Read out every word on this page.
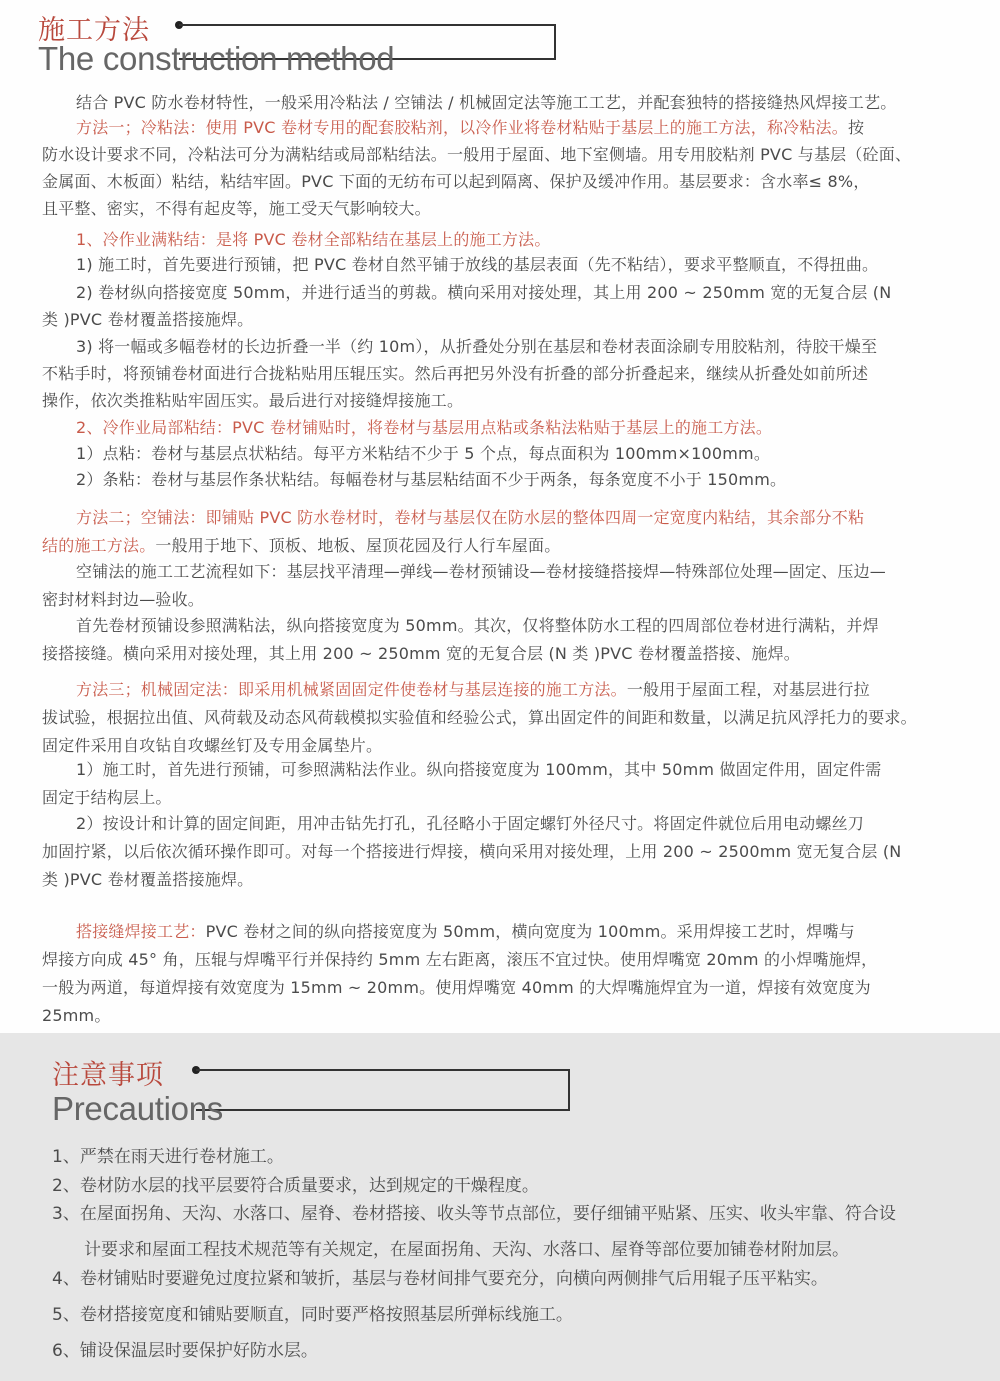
施工方法
The construction method
结合 PVC 防水卷材特性，一般采用冷粘法 / 空铺法 / 机械固定法等施工工艺，并配套独特的搭接缝热风焊接工艺。
方法一；冷粘法：使用 PVC 卷材专用的配套胶粘剂，以冷作业将卷材粘贴于基层上的施工方法，称冷粘法。按
防水设计要求不同，冷粘法可分为满粘结或局部粘结法。一般用于屋面、地下室侧墙。用专用胶粘剂 PVC 与基层（砼面、
金属面、木板面）粘结，粘结牢固。PVC 下面的无纺布可以起到隔离、保护及缓冲作用。基层要求：含水率≤ 8%，
且平整、密实，不得有起皮等，施工受天气影响较大。
1、冷作业满粘结：是将 PVC 卷材全部粘结在基层上的施工方法。
1) 施工时，首先要进行预铺，把 PVC 卷材自然平铺于放线的基层表面（先不粘结），要求平整顺直，不得扭曲。
2) 卷材纵向搭接宽度 50mm，并进行适当的剪裁。横向采用对接处理，其上用 200 ~ 250mm 宽的无复合层 (N
类 )PVC 卷材覆盖搭接施焊。
3) 将一幅或多幅卷材的长边折叠一半（约 10m），从折叠处分别在基层和卷材表面涂刷专用胶粘剂，待胶干燥至
不粘手时，将预铺卷材面进行合拢粘贴用压辊压实。然后再把另外没有折叠的部分折叠起来，继续从折叠处如前所述
操作，依次类推粘贴牢固压实。最后进行对接缝焊接施工。
2、冷作业局部粘结：PVC 卷材铺贴时，将卷材与基层用点粘或条粘法粘贴于基层上的施工方法。
1）点粘：卷材与基层点状粘结。每平方米粘结不少于 5 个点，每点面积为 100mm×100mm。
2）条粘：卷材与基层作条状粘结。每幅卷材与基层粘结面不少于两条，每条宽度不小于 150mm。
方法二；空铺法：即铺贴 PVC 防水卷材时，卷材与基层仅在防水层的整体四周一定宽度内粘结，其余部分不粘
结的施工方法。一般用于地下、顶板、地板、屋顶花园及行人行车屋面。
空铺法的施工工艺流程如下：基层找平清理—弹线—卷材预铺设—卷材接缝搭接焊—特殊部位处理—固定、压边—
密封材料封边—验收。
首先卷材预铺设参照满粘法，纵向搭接宽度为 50mm。其次，仅将整体防水工程的四周部位卷材进行满粘，并焊
接搭接缝。横向采用对接处理，其上用 200 ~ 250mm 宽的无复合层 (N 类 )PVC 卷材覆盖搭接、施焊。
方法三；机械固定法：即采用机械紧固固定件使卷材与基层连接的施工方法。一般用于屋面工程，对基层进行拉
拔试验，根据拉出值、风荷载及动态风荷载模拟实验值和经验公式，算出固定件的间距和数量，以满足抗风浮托力的要求。
固定件采用自攻钻自攻螺丝钉及专用金属垫片。
1）施工时，首先进行预铺，可参照满粘法作业。纵向搭接宽度为 100mm，其中 50mm 做固定件用，固定件需
固定于结构层上。
2）按设计和计算的固定间距，用冲击钻先打孔，孔径略小于固定螺钉外径尺寸。将固定件就位后用电动螺丝刀
加固拧紧，以后依次循环操作即可。对每一个搭接进行焊接，横向采用对接处理，上用 200 ~ 2500mm 宽无复合层 (N
类 )PVC 卷材覆盖搭接施焊。
搭接缝焊接工艺：PVC 卷材之间的纵向搭接宽度为 50mm，横向宽度为 100mm。采用焊接工艺时，焊嘴与
焊接方向成 45° 角，压辊与焊嘴平行并保持约 5mm 左右距离，滚压不宜过快。使用焊嘴宽 20mm 的小焊嘴施焊，
一般为两道，每道焊接有效宽度为 15mm ~ 20mm。使用焊嘴宽 40mm 的大焊嘴施焊宜为一道，焊接有效宽度为
25mm。
注意事项
Precautions
1、严禁在雨天进行卷材施工。
2、卷材防水层的找平层要符合质量要求，达到规定的干燥程度。
3、在屋面拐角、天沟、水落口、屋脊、卷材搭接、收头等节点部位，要仔细铺平贴紧、压实、收头牢靠、符合设
计要求和屋面工程技术规范等有关规定，在屋面拐角、天沟、水落口、屋脊等部位要加铺卷材附加层。
4、卷材铺贴时要避免过度拉紧和皱折，基层与卷材间排气要充分，向横向两侧排气后用辊子压平粘实。
5、卷材搭接宽度和铺贴要顺直，同时要严格按照基层所弹标线施工。
6、铺设保温层时要保护好防水层。
